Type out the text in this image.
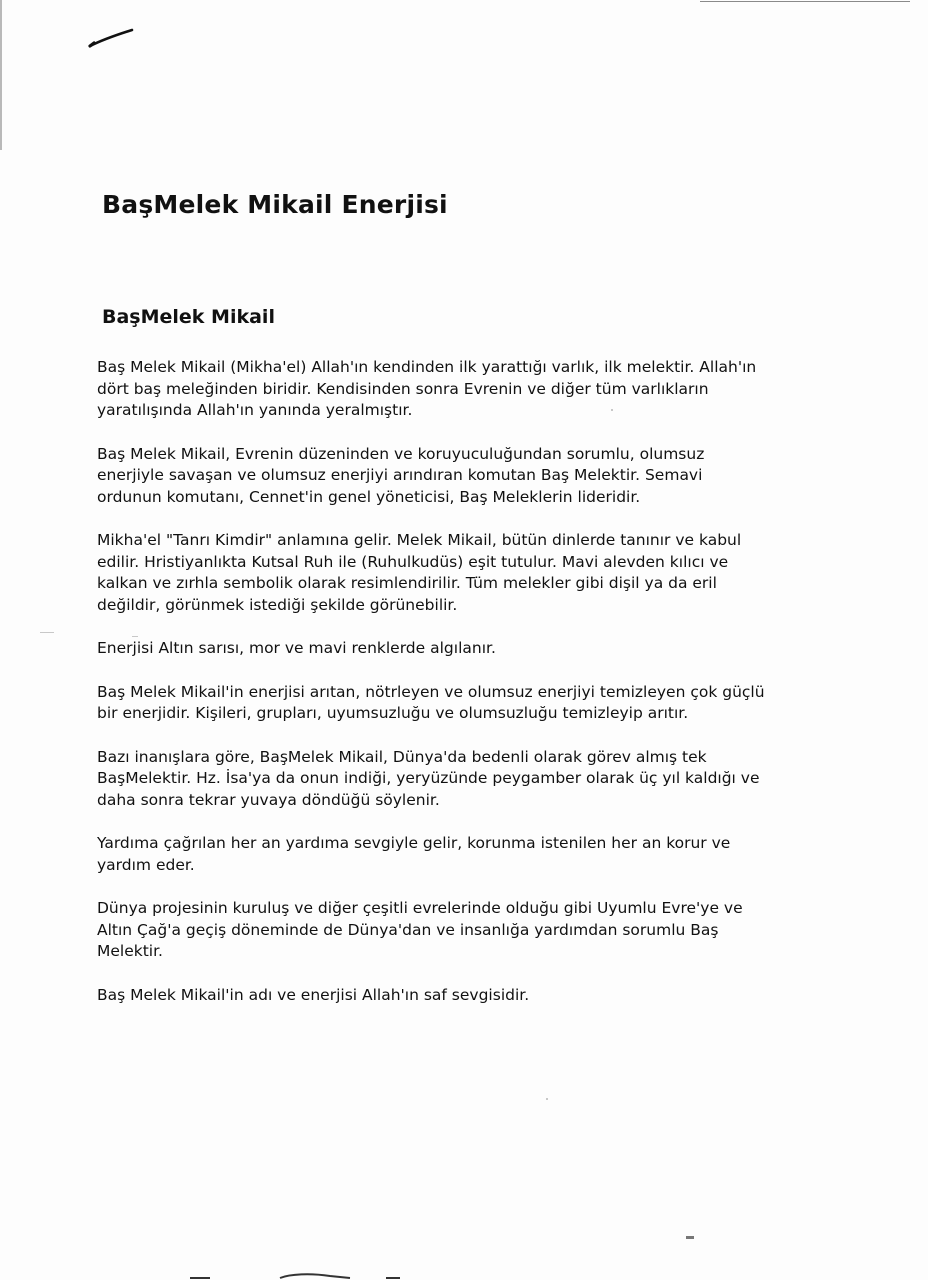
BaşMelek Mikail Enerjisi
BaşMelek Mikail

Baş Melek Mikail (Mikha'el) Allah'ın kendinden ilk yarattığı varlık, ilk melektir. Allah'ın
dört baş meleğinden biridir. Kendisinden sonra Evrenin ve diğer tüm varlıkların
yaratılışında Allah'ın yanında yeralmıştır.

Baş Melek Mikail, Evrenin düzeninden ve koruyuculuğundan sorumlu, olumsuz
enerjiyle savaşan ve olumsuz enerjiyi arındıran komutan Baş Melektir. Semavi
ordunun komutanı, Cennet'in genel yöneticisi, Baş Meleklerin lideridir.

Mikha'el "Tanrı Kimdir" anlamına gelir. Melek Mikail, bütün dinlerde tanınır ve kabul
edilir. Hristiyanlıkta Kutsal Ruh ile (Ruhulkudüs) eşit tutulur. Mavi alevden kılıcı ve
kalkan ve zırhla sembolik olarak resimlendirilir. Tüm melekler gibi dişil ya da eril
değildir, görünmek istediği şekilde görünebilir.

Enerjisi Altın sarısı, mor ve mavi renklerde algılanır.

Baş Melek Mikail'in enerjisi arıtan, nötrleyen ve olumsuz enerjiyi temizleyen çok güçlü
bir enerjidir. Kişileri, grupları, uyumsuzluğu ve olumsuzluğu temizleyip arıtır.

Bazı inanışlara göre, BaşMelek Mikail, Dünya'da bedenli olarak görev almış tek
BaşMelektir. Hz. İsa'ya da onun indiği, yeryüzünde peygamber olarak üç yıl kaldığı ve
daha sonra tekrar yuvaya döndüğü söylenir.

Yardıma çağrılan her an yardıma sevgiyle gelir, korunma istenilen her an korur ve
yardım eder.

Dünya projesinin kuruluş ve diğer çeşitli evrelerinde olduğu gibi Uyumlu Evre'ye ve
Altın Çağ'a geçiş döneminde de Dünya'dan ve insanlığa yardımdan sorumlu Baş
Melektir.

Baş Melek Mikail'in adı ve enerjisi Allah'ın saf sevgisidir.
